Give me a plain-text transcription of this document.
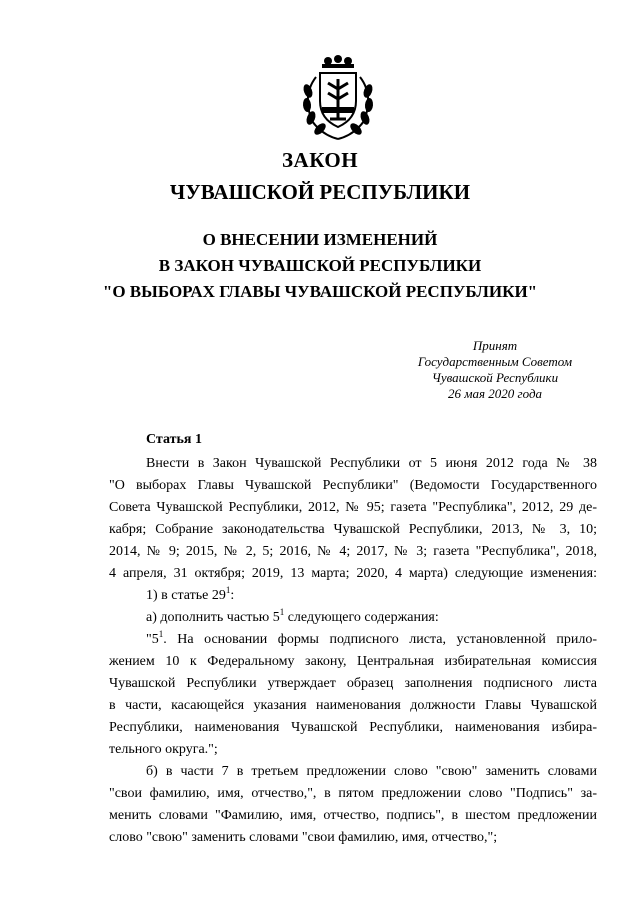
ЗАКОН
ЧУВАШСКОЙ РЕСПУБЛИКИ
О ВНЕСЕНИИ ИЗМЕНЕНИЙ
В ЗАКОН ЧУВАШСКОЙ РЕСПУБЛИКИ
"О ВЫБОРАХ ГЛАВЫ ЧУВАШСКОЙ РЕСПУБЛИКИ"
Принят
Государственным Советом
Чувашской Республики
26 мая 2020 года
Статья 1
Внести в Закон Чувашской Республики от 5 июня 2012 года № 38
"О выборах Главы Чувашской Республики" (Ведомости Государственного
Совета Чувашской Республики, 2012, № 95; газета "Республика", 2012, 29 де-
кабря; Собрание законодательства Чувашской Республики, 2013, № 3, 10;
2014, № 9; 2015, № 2, 5; 2016, № 4; 2017, № 3; газета "Республика", 2018,
4 апреля, 31 октября; 2019, 13 марта; 2020, 4 марта) следующие изменения:
1) в статье $29^1$:
а) дополнить частью $5^1$ следующего содержания:
"$5^1$. На основании формы подписного листа, установленной прило-
жением 10 к Федеральному закону, Центральная избирательная комиссия
Чувашской Республики утверждает образец заполнения подписного листа
в части, касающейся указания наименования должности Главы Чувашской
Республики, наименования Чувашской Республики, наименования избира-
тельного округа.";
б) в части 7 в третьем предложении слово "свою" заменить словами
"свои фамилию, имя, отчество,", в пятом предложении слово "Подпись" за-
менить словами "Фамилию, имя, отчество, подпись", в шестом предложении
слово "свою" заменить словами "свои фамилию, имя, отчество,";
